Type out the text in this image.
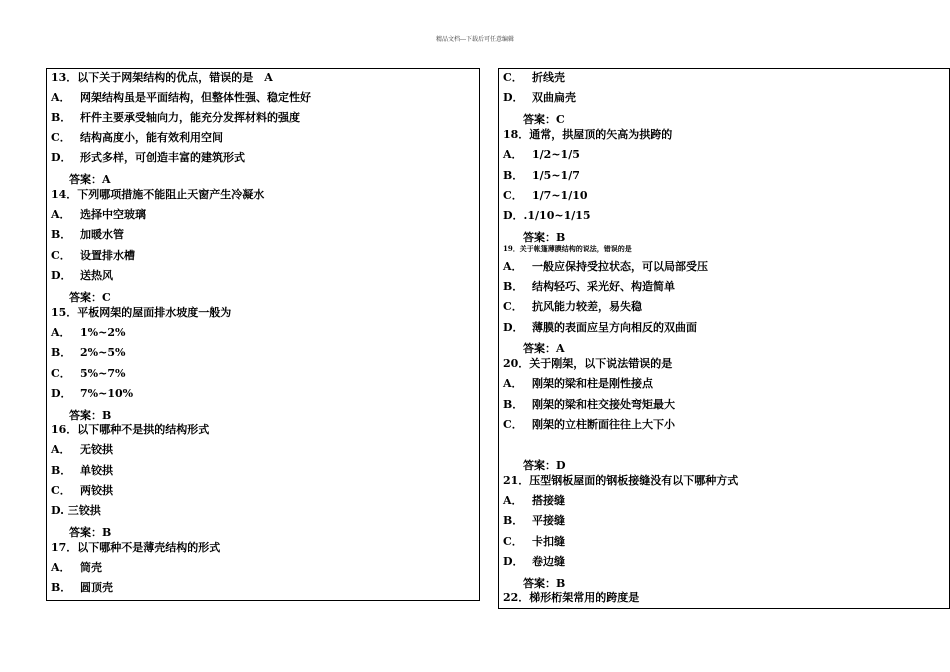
精品文档---下载后可任意编辑
13．以下关于网架结构的优点，错误的是　A
A． 网架结构虽是平面结构，但整体性强、稳定性好
B． 杆件主要承受轴向力，能充分发挥材料的强度
C． 结构高度小，能有效利用空间
D． 形式多样，可创造丰富的建筑形式
答案：A
14．下列哪项措施不能阻止天窗产生冷凝水
A． 选择中空玻璃
B． 加暖水管
C． 设置排水槽
D． 送热风
答案：C
15．平板网架的屋面排水坡度一般为
A． 1%~2%
B． 2%~5%
C． 5%~7%
D． 7%~10%
答案：B
16．以下哪种不是拱的结构形式
A． 无铰拱
B． 单铰拱
C． 两铰拱
D. 三铰拱
答案：B
17．以下哪种不是薄壳结构的形式
A． 筒壳
B． 圆顶壳
C． 折线壳
D． 双曲扁壳
答案：C
18．通常，拱屋顶的矢高为拱跨的
A． 1/2~1/5
B． 1/5~1/7
C． 1/7~1/10
D．.1/10~1/15
答案：B
19．关于帐篷薄膜结构的说法，错误的是
A． 一般应保持受拉状态，可以局部受压
B． 结构轻巧、采光好、构造简单
C． 抗风能力较差，易失稳
D． 薄膜的表面应呈方向相反的双曲面
答案：A
20．关于刚架，以下说法错误的是
A． 刚架的梁和柱是刚性接点
B． 刚架的梁和柱交接处弯矩最大
C． 刚架的立柱断面往往上大下小
答案：D
21．压型钢板屋面的钢板接缝没有以下哪种方式
A． 搭接缝
B． 平接缝
C． 卡扣缝
D． 卷边缝
答案：B
22．梯形桁架常用的跨度是
